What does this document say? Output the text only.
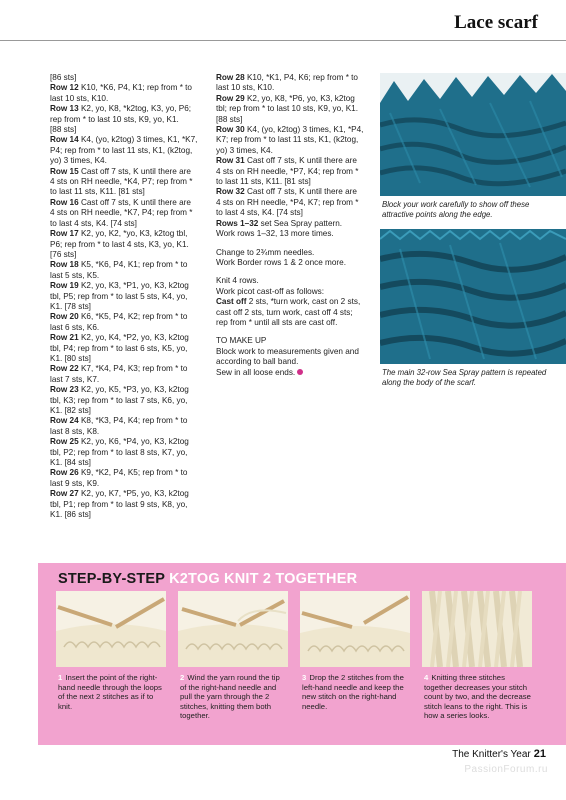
Lace scarf
[86 sts]
Row 12 K10, *K6, P4, K1; rep from * to
last 10 sts, K10.
Row 13 K2, yo, K8, *k2tog, K3, yo, P6;
rep from * to last 10 sts, K9, yo, K1.
[88 sts]
Row 14 K4, (yo, k2tog) 3 times, K1, *K7,
P4; rep from * to last 11 sts, K1, (k2tog,
yo) 3 times, K4.
Row 15 Cast off 7 sts, K until there are
4 sts on RH needle, *K4, P7; rep from *
to last 11 sts, K11. [81 sts]
Row 16 Cast off 7 sts, K until there are
4 sts on RH needle, *K7, P4; rep from *
to last 4 sts, K4. [74 sts]
Row 17 K2, yo, K2, *yo, K3, k2tog tbl,
P6; rep from * to last 4 sts, K3, yo, K1.
[76 sts]
Row 18 K5, *K6, P4, K1; rep from * to
last 5 sts, K5.
Row 19 K2, yo, K3, *P1, yo, K3, k2tog
tbl, P5; rep from * to last 5 sts, K4, yo,
K1. [78 sts]
Row 20 K6, *K5, P4, K2; rep from * to
last 6 sts, K6.
Row 21 K2, yo, K4, *P2, yo, K3, k2tog
tbl, P4; rep from * to last 6 sts, K5, yo,
K1. [80 sts]
Row 22 K7, *K4, P4, K3; rep from * to
last 7 sts, K7.
Row 23 K2, yo, K5, *P3, yo, K3, k2tog
tbl, K3; rep from * to last 7 sts, K6, yo,
K1. [82 sts]
Row 24 K8, *K3, P4, K4; rep from * to
last 8 sts, K8.
Row 25 K2, yo, K6, *P4, yo, K3, k2tog
tbl, P2; rep from * to last 8 sts, K7, yo,
K1. [84 sts]
Row 26 K9, *K2, P4, K5; rep from * to
last 9 sts, K9.
Row 27 K2, yo, K7, *P5, yo, K3, k2tog
tbl, P1; rep from * to last 9 sts, K8, yo,
K1. [86 sts]
Row 28 K10, *K1, P4, K6; rep from * to
last 10 sts, K10.
Row 29 K2, yo, K8, *P6, yo, K3, k2tog
tbl; rep from * to last 10 sts, K9, yo, K1.
[88 sts]
Row 30 K4, (yo, k2tog) 3 times, K1, *P4,
K7; rep from * to last 11 sts, K1, (k2tog,
yo) 3 times, K4.
Row 31 Cast off 7 sts, K until there are
4 sts on RH needle, *P7, K4; rep from *
to last 11 sts, K11. [81 sts]
Row 32 Cast off 7 sts, K until there are
4 sts on RH needle, *P4, K7; rep from *
to last 4 sts, K4. [74 sts]
Rows 1–32 set Sea Spray pattern.
Work rows 1–32, 13 more times.
Change to 2¾mm needles.
Work Border rows 1 & 2 once more.
Knit 4 rows.
Work picot cast-off as follows:
Cast off 2 sts, *turn work, cast on 2 sts,
cast off 2 sts, turn work, cast off 4 sts;
rep from * until all sts are cast off.
TO MAKE UP
Block work to measurements given and
according to ball band.
Sew in all loose ends.
Block your work carefully to show off these attractive points along the edge.
The main 32-row Sea Spray pattern is repeated along the body of the scarf.
STEP-BY-STEP K2TOG KNIT 2 TOGETHER
1 Insert the point of the right-hand needle through the loops of the next 2 stitches as if to knit.
2 Wind the yarn round the tip of the right-hand needle and pull the yarn through the 2 stitches, knitting them both together.
3 Drop the 2 stitches from the left-hand needle and keep the new stitch on the right-hand needle.
4 Knitting three stitches together decreases your stitch count by two, and the decrease stitch leans to the right. This is how a series looks.
The Knitter's Year 21
PassionForum.ru
